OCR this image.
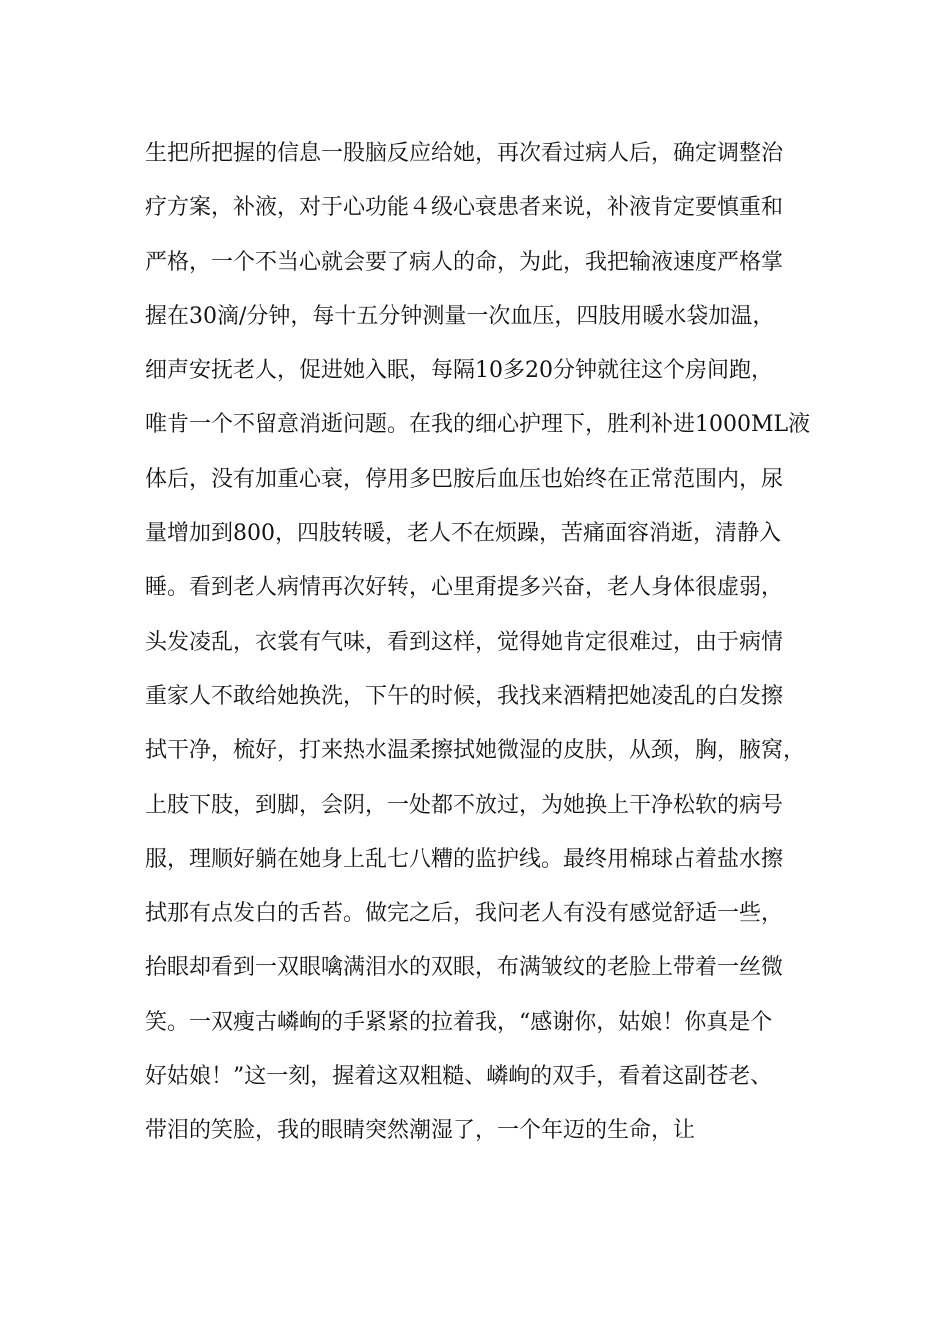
生把所把握的信息一股脑反应给她，再次看过病人后，确定调整治
疗方案，补液，对于心功能４级心衰患者来说，补液肯定要慎重和
严格，一个不当心就会要了病人的命，为此，我把输液速度严格掌
握在30滴/分钟，每十五分钟测量一次血压，四肢用暖水袋加温，
细声安抚老人，促进她入眠，每隔10多20分钟就往这个房间跑，
唯肯一个不留意消逝问题。在我的细心护理下，胜利补进1000ML液
体后，没有加重心衰，停用多巴胺后血压也始终在正常范围内，尿
量增加到800，四肢转暖，老人不在烦躁，苦痛面容消逝，清静入
睡。看到老人病情再次好转，心里甭提多兴奋，老人身体很虚弱，
头发凌乱，衣裳有气味，看到这样，觉得她肯定很难过，由于病情
重家人不敢给她换洗，下午的时候，我找来酒精把她凌乱的白发擦
拭干净，梳好，打来热水温柔擦拭她微湿的皮肤，从颈，胸，腋窝，
上肢下肢，到脚，会阴，一处都不放过，为她换上干净松软的病号
服，理顺好躺在她身上乱七八糟的监护线。最终用棉球占着盐水擦
拭那有点发白的舌苔。做完之后，我问老人有没有感觉舒适一些，
抬眼却看到一双眼噙满泪水的双眼，布满皱纹的老脸上带着一丝微
笑。一双瘦古嶙峋的手紧紧的拉着我，“感谢你，姑娘！你真是个
好姑娘！”这一刻，握着这双粗糙、嶙峋的双手，看着这副苍老、
带泪的笑脸，我的眼睛突然潮湿了，一个年迈的生命，让
